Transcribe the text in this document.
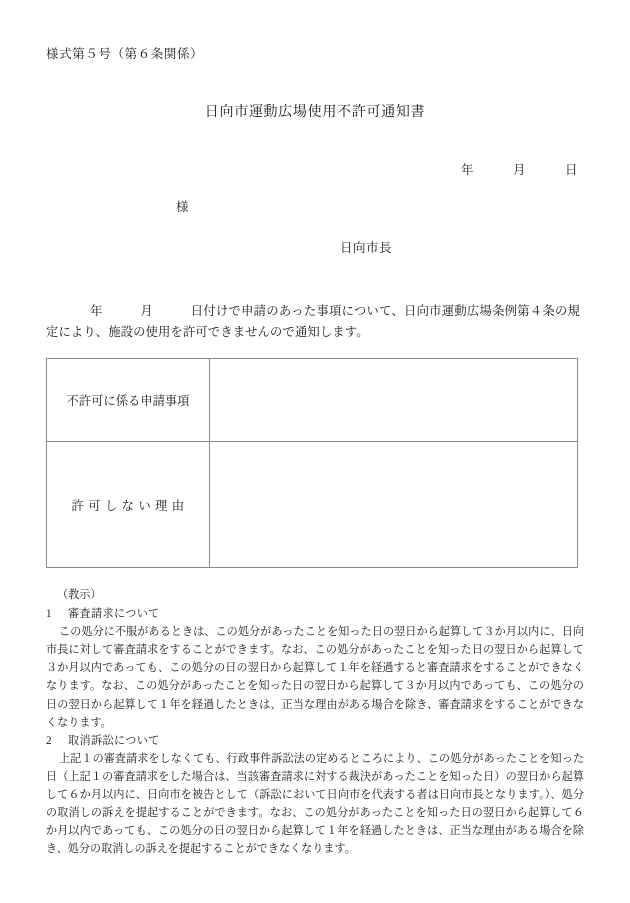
様式第５号（第６条関係）
日向市運動広場使用不許可通知書
年　　　月　　　日
様
日向市長
年　　　月　　　日付けで申請のあった事項について、日向市運動広場条例第４条の規定により、施設の使用を許可できませんので通知します。
不許可に係る申請事項	
許可しない理由	
（教示）
1	審査請求について

この処分に不服があるときは、この処分があったことを知った日の翌日から起算して３か月以内に、日向市長に対して審査請求をすることができます。なお、この処分があったことを知った日の翌日から起算して３か月以内であっても、この処分の日の翌日から起算して１年を経過すると審査請求をすることができなくなります。なお、この処分があったことを知った日の翌日から起算して３か月以内であっても、この処分の日の翌日から起算して１年を経過したときは、正当な理由がある場合を除き、審査請求をすることができなくなります。

2	取消訴訟について

上記１の審査請求をしなくても、行政事件訴訟法の定めるところにより、この処分があったことを知った日（上記１の審査請求をした場合は、当該審査請求に対する裁決があったことを知った日）の翌日から起算して６か月以内に、日向市を被告として（訴訟において日向市を代表する者は日向市長となります。）、処分の取消しの訴えを提起することができます。なお、この処分があったことを知った日の翌日から起算して６か月以内であっても、この処分の日の翌日から起算して１年を経過したときは、正当な理由がある場合を除き、処分の取消しの訴えを提起することができなくなります。
